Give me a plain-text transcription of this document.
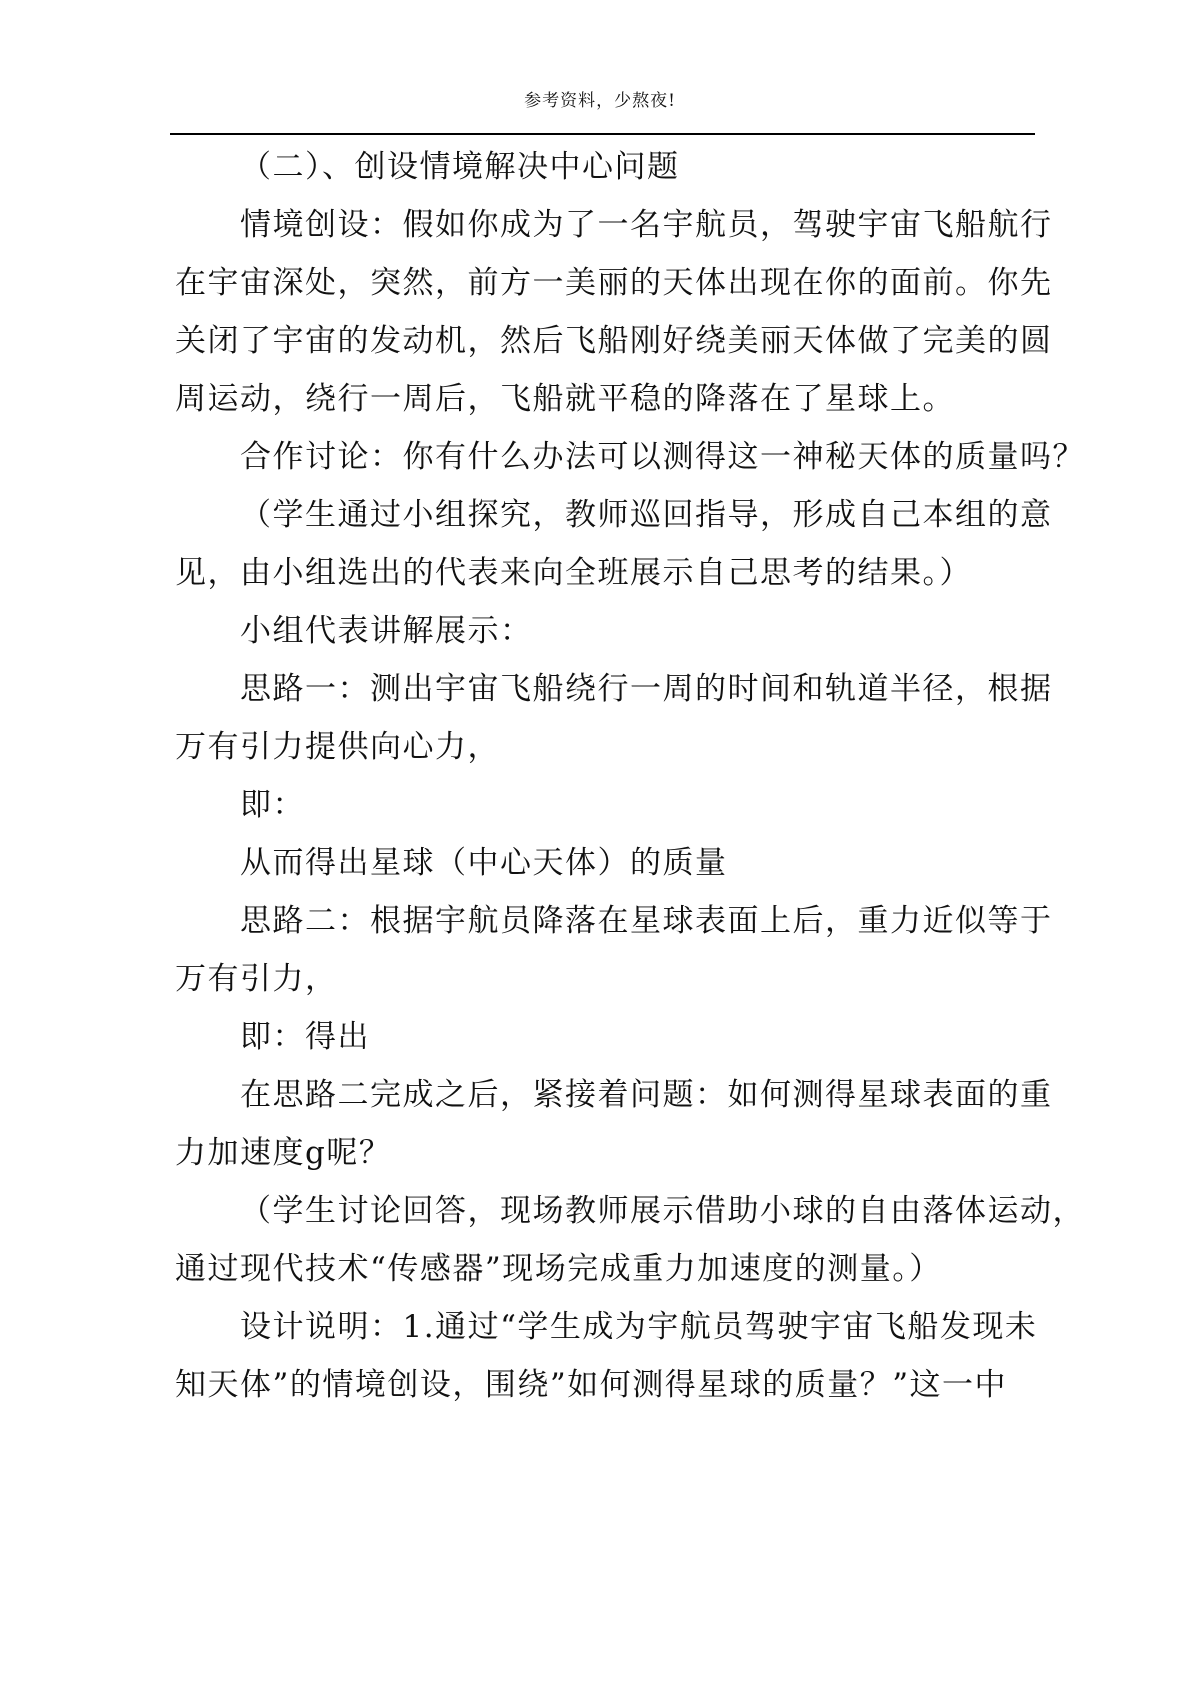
参考资料，少熬夜!
（二）、创设情境解决中心问题
情境创设：假如你成为了一名宇航员，驾驶宇宙飞船航行
在宇宙深处，突然，前方一美丽的天体出现在你的面前。你先
关闭了宇宙的发动机，然后飞船刚好绕美丽天体做了完美的圆
周运动，绕行一周后，飞船就平稳的降落在了星球上。
合作讨论：你有什么办法可以测得这一神秘天体的质量吗？
（学生通过小组探究，教师巡回指导，形成自己本组的意
见，由小组选出的代表来向全班展示自己思考的结果。）
小组代表讲解展示：
思路一：测出宇宙飞船绕行一周的时间和轨道半径，根据
万有引力提供向心力，
即：
从而得出星球（中心天体）的质量
思路二：根据宇航员降落在星球表面上后，重力近似等于
万有引力，
即：得出
在思路二完成之后，紧接着问题：如何测得星球表面的重
力加速度g呢？
（学生讨论回答，现场教师展示借助小球的自由落体运动，
通过现代技术“传感器”现场完成重力加速度的测量。）
设计说明：1.通过“学生成为宇航员驾驶宇宙飞船发现未
知天体”的情境创设，围绕”如何测得星球的质量？”这一中
